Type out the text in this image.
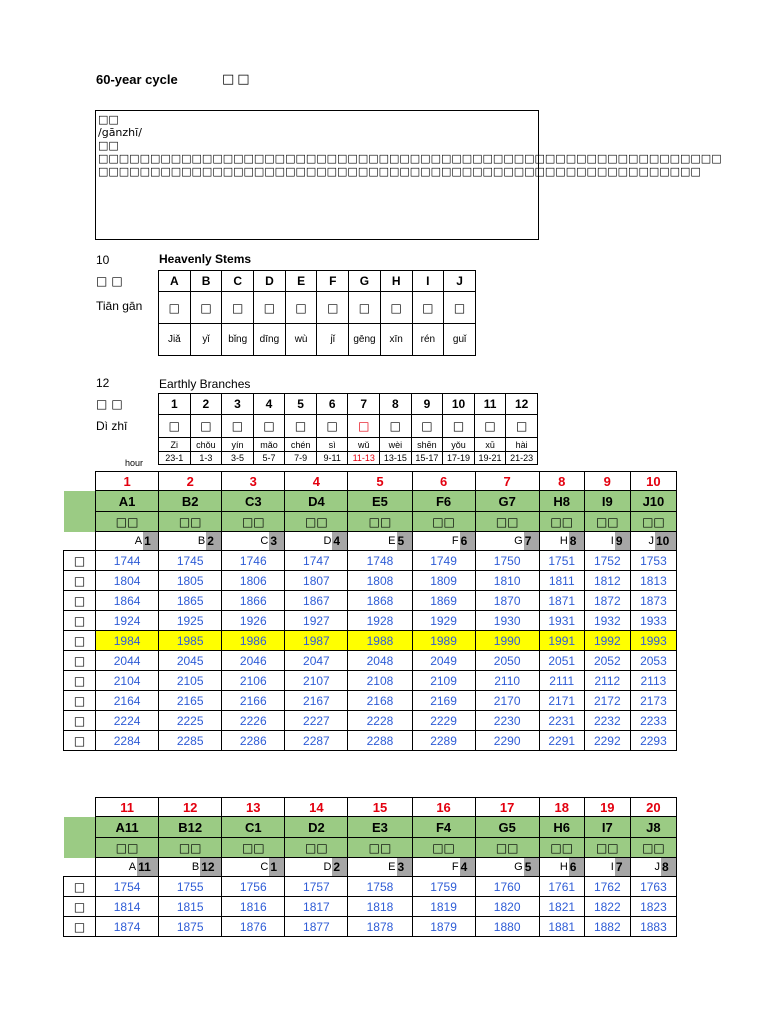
60-year cycle	□□
□□
/gānzhī/
□□
□□□□□□□□□□□□□□□□□□□□□□□□□□□□□□□□□□□□□□□□□□□□□□□□□□□□□□□□□□□□
□□□□□□□□□□□□□□□□□□□□□□□□□□□□□□□□□□□□□□□□□□□□□□□□□□□□□□□□□□
10	Heavenly Stems
□□
Tiān gān
A	B	C	D	E	F	G	H	I	J
□	□	□	□	□	□	□	□	□	□
Jiǎ	yǐ	bǐng	dīng	wù	jǐ	gēng	xīn	rén	guǐ
12	Earthly Branches
□□
Dì zhī
hour
1	2	3	4	5	6	7	8	9	10	11	12
□	□	□	□	□	□	□	□	□	□	□	□
Zi	chǒu	yín	mǎo	chén	sì	wǔ	wèi	shēn	yǒu	xū	hài
23-1	1-3	3-5	5-7	7-9	9-11	11-13	13-15	15-17	17-19	19-21	21-23
	1	2	3	4	5	6	7	8	9	10
	A1	B2	C3	D4	E5	F6	G7	H8	I9	J10
	□□	□□	□□	□□	□□	□□	□□	□□	□□	□□

	A 1	B 2	C 3	D 4	E 5	F 6	G 7	H 8	I 9	J 10

□	1744	1745	1746	1747	1748	1749	1750	1751	1752	1753
□	1804	1805	1806	1807	1808	1809	1810	1811	1812	1813
□	1864	1865	1866	1867	1868	1869	1870	1871	1872	1873
□	1924	1925	1926	1927	1928	1929	1930	1931	1932	1933
□	1984	1985	1986	1987	1988	1989	1990	1991	1992	1993
□	2044	2045	2046	2047	2048	2049	2050	2051	2052	2053
□	2104	2105	2106	2107	2108	2109	2110	2111	2112	2113
□	2164	2165	2166	2167	2168	2169	2170	2171	2172	2173
□	2224	2225	2226	2227	2228	2229	2230	2231	2232	2233
□	2284	2285	2286	2287	2288	2289	2290	2291	2292	2293
	11	12	13	14	15	16	17	18	19	20
	A11	B12	C1	D2	E3	F4	G5	H6	I7	J8
	□□	□□	□□	□□	□□	□□	□□	□□	□□	□□

	A 11	B 12	C 1	D 2	E 3	F 4	G 5	H 6	I 7	J 8

□	1754	1755	1756	1757	1758	1759	1760	1761	1762	1763
□	1814	1815	1816	1817	1818	1819	1820	1821	1822	1823
□	1874	1875	1876	1877	1878	1879	1880	1881	1882	1883
